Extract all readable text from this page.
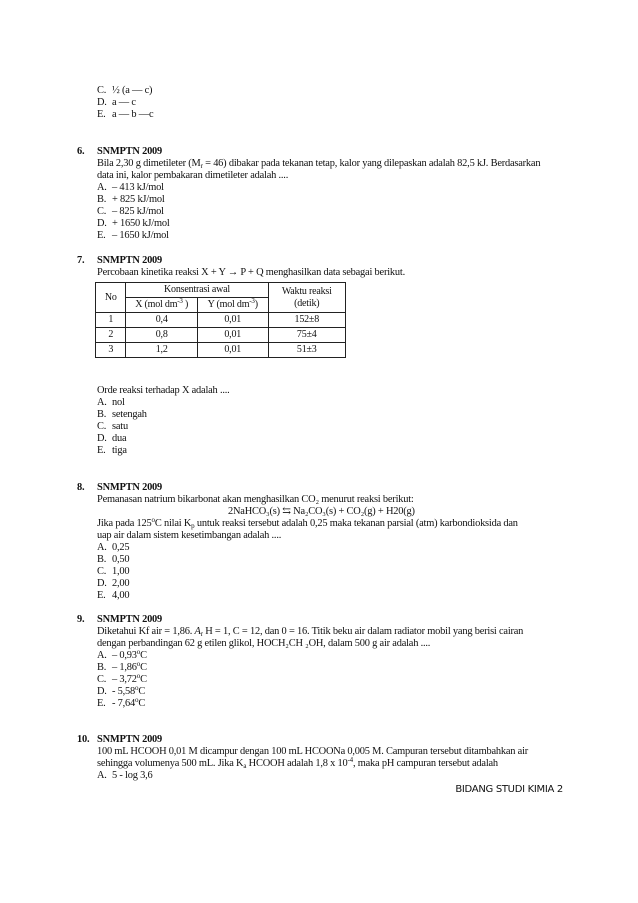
C. ½ (a — c)
D. a — c
E. a — b —c
6. SNMPTN 2009
Bila 2,30 g dimetileter $(M_r = 46)$ dibakar pada tekanan tetap, kalor yang dilepaskan adalah 82,5 kJ. Berdasarkan
data ini, kalor pembakaran dimetileter adalah ....
A. – 413 kJ/mol
B. + 825 kJ/mol
C. – 825 kJ/mol
D. + 1650 kJ/mol
E. – 1650 kJ/mol
7. SNMPTN 2009
Percobaan kinetika reaksi X + Y → P + Q menghasilkan data sebagai berikut.
No	Konsentrasi awal		Waktu reaksi
(detik)
	X (mol $dm^{-3}$ )	Y (mol $dm^{-3}$)	
1	0,4	0,01	152±8
2	0,8	0,01	75±4
3	1,2	0,01	51±3
Orde reaksi terhadap X adalah ....
A. nol
B. setengah
C. satu
D. dua
E. tiga
8. SNMPTN 2009
Pemanasan natrium bikarbonat akan menghasilkan CO₂ menurut reaksi berikut:
2NaHCO₃(s) ⇆ Na₂CO₃(s) + CO₂(g) + H20(g)
Jika pada 125$^o$C nilai $K_p$ untuk reaksi tersebut adalah 0,25 maka tekanan parsial (atm) karbondioksida dan
uap air dalam sistem kesetimbangan adalah ....
A. 0,25
B. 0,50
C. 1,00
D. 2,00
E. 4,00
9. SNMPTN 2009
Diketahui Kf air = 1,86. $A_r$ H = 1, C = 12, dan 0 = 16. Titik beku air dalam radiator mobil yang berisi cairan
dengan perbandingan 62 g etilen glikol, HOCH₂CH ₂OH, dalam 500 g air adalah ....
A. – 0,93$^o$C
B. – 1,86$^o$C
C. – 3,72$^o$C
D. - 5,58$^o$C
E. - 7,64$^o$C
10. SNMPTN 2009
100 mL HCOOH 0,01 M dicampur dengan 100 mL HCOONa 0,005 M. Campuran tersebut ditambahkan air
sehingga volumenya 500 mL. Jika $K_a$ HCOOH adalah 1,8 x $10^{-4}$, maka pH campuran tersebut adalah
A. 5 - log 3,6
BIDANG STUDI KIMIA 2
